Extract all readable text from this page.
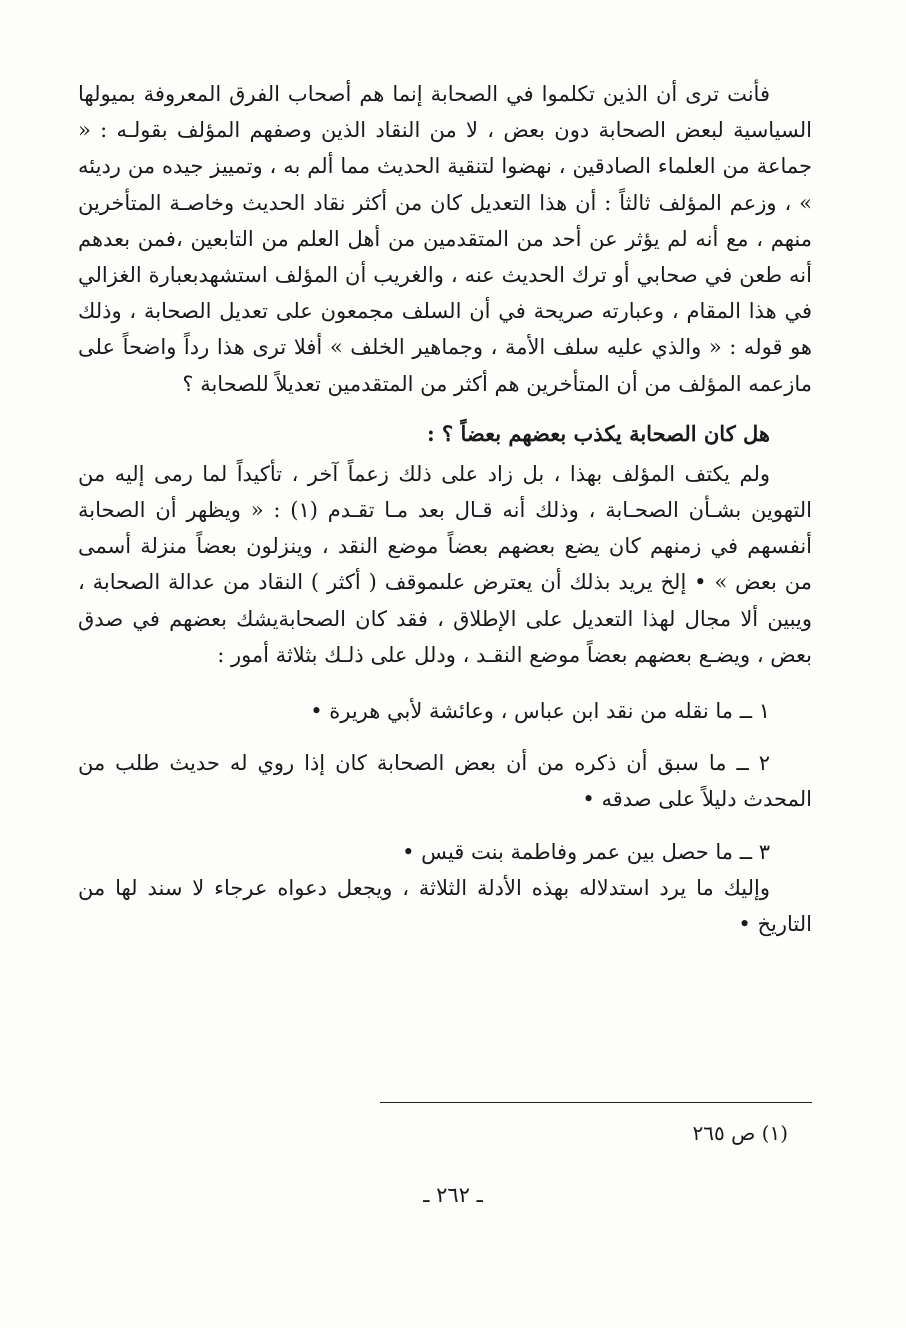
فأنت ترى أن الذين تكلموا في الصحابة إنما هم أصحاب الفرق المعروفة بميولها السياسية لبعض الصحابة دون بعض ، لا من النقاد الذين وصفهم المؤلف بقولـه : « جماعة من العلماء الصادقين ، نهضوا لتنقية الحديث مما ألم به ، وتمييز جيده من رديئه » ، وزعم المؤلف ثالثاً : أن هذا التعديل كان من أكثر نقاد الحديث وخاصـة المتأخرين منهم ، مع أنه لم يؤثر عن أحد من المتقدمين من أهل العلم من التابعين ،فمن بعدهم أنه طعن في صحابي أو ترك الحديث عنه ، والغريب أن المؤلف استشهدبعبارة الغزالي في هذا المقام ، وعبارته صريحة في أن السلف مجمعون على تعديل الصحابة ، وذلك هو قوله : « والذي عليه سلف الأمة ، وجماهير الخلف » أفلا ترى هذا رداً واضحاً على مازعمه المؤلف من أن المتأخرين هم أكثر من المتقدمين تعديلاً للصحابة ؟

هل كان الصحابة يكذب بعضهم بعضاً ؟ :

ولم يكتف المؤلف بهذا ، بل زاد على ذلك زعماً آخر ، تأكيداً لما رمى إليه من التهوين بشـأن الصحـابة ، وذلك أنه قـال بعد مـا تقـدم (١) : « ويظهر أن الصحابة أنفسهم في زمنهم كان يضع بعضهم بعضاً موضع النقد ، وينزلون بعضاً منزلة أسمى من بعض » • إلخ يريد بذلك أن يعترض علىموقف ( أكثر ) النقاد من عدالة الصحابة ، ويبين ألا مجال لهذا التعديل على الإطلاق ، فقد كان الصحابةيشك بعضهم في صدق بعض ، ويضـع بعضهم بعضاً موضع النقـد ، ودلل على ذلـك بثلاثة أمور :

١ ــ ما نقله من نقد ابن عباس ، وعائشة لأبي هريرة •

٢ ــ ما سبق أن ذكره من أن بعض الصحابة كان إذا روي له حديث طلب من المحدث دليلاً على صدقه •

٣ ــ ما حصل بين عمر وفاطمة بنت قيس •

وإليك ما يرد استدلاله بهذه الأدلة الثلاثة ، ويجعل دعواه عرجاء لا سند لها من التاريخ •

(١) ص ٢٦٥
ـ ٢٦٢ ـ
